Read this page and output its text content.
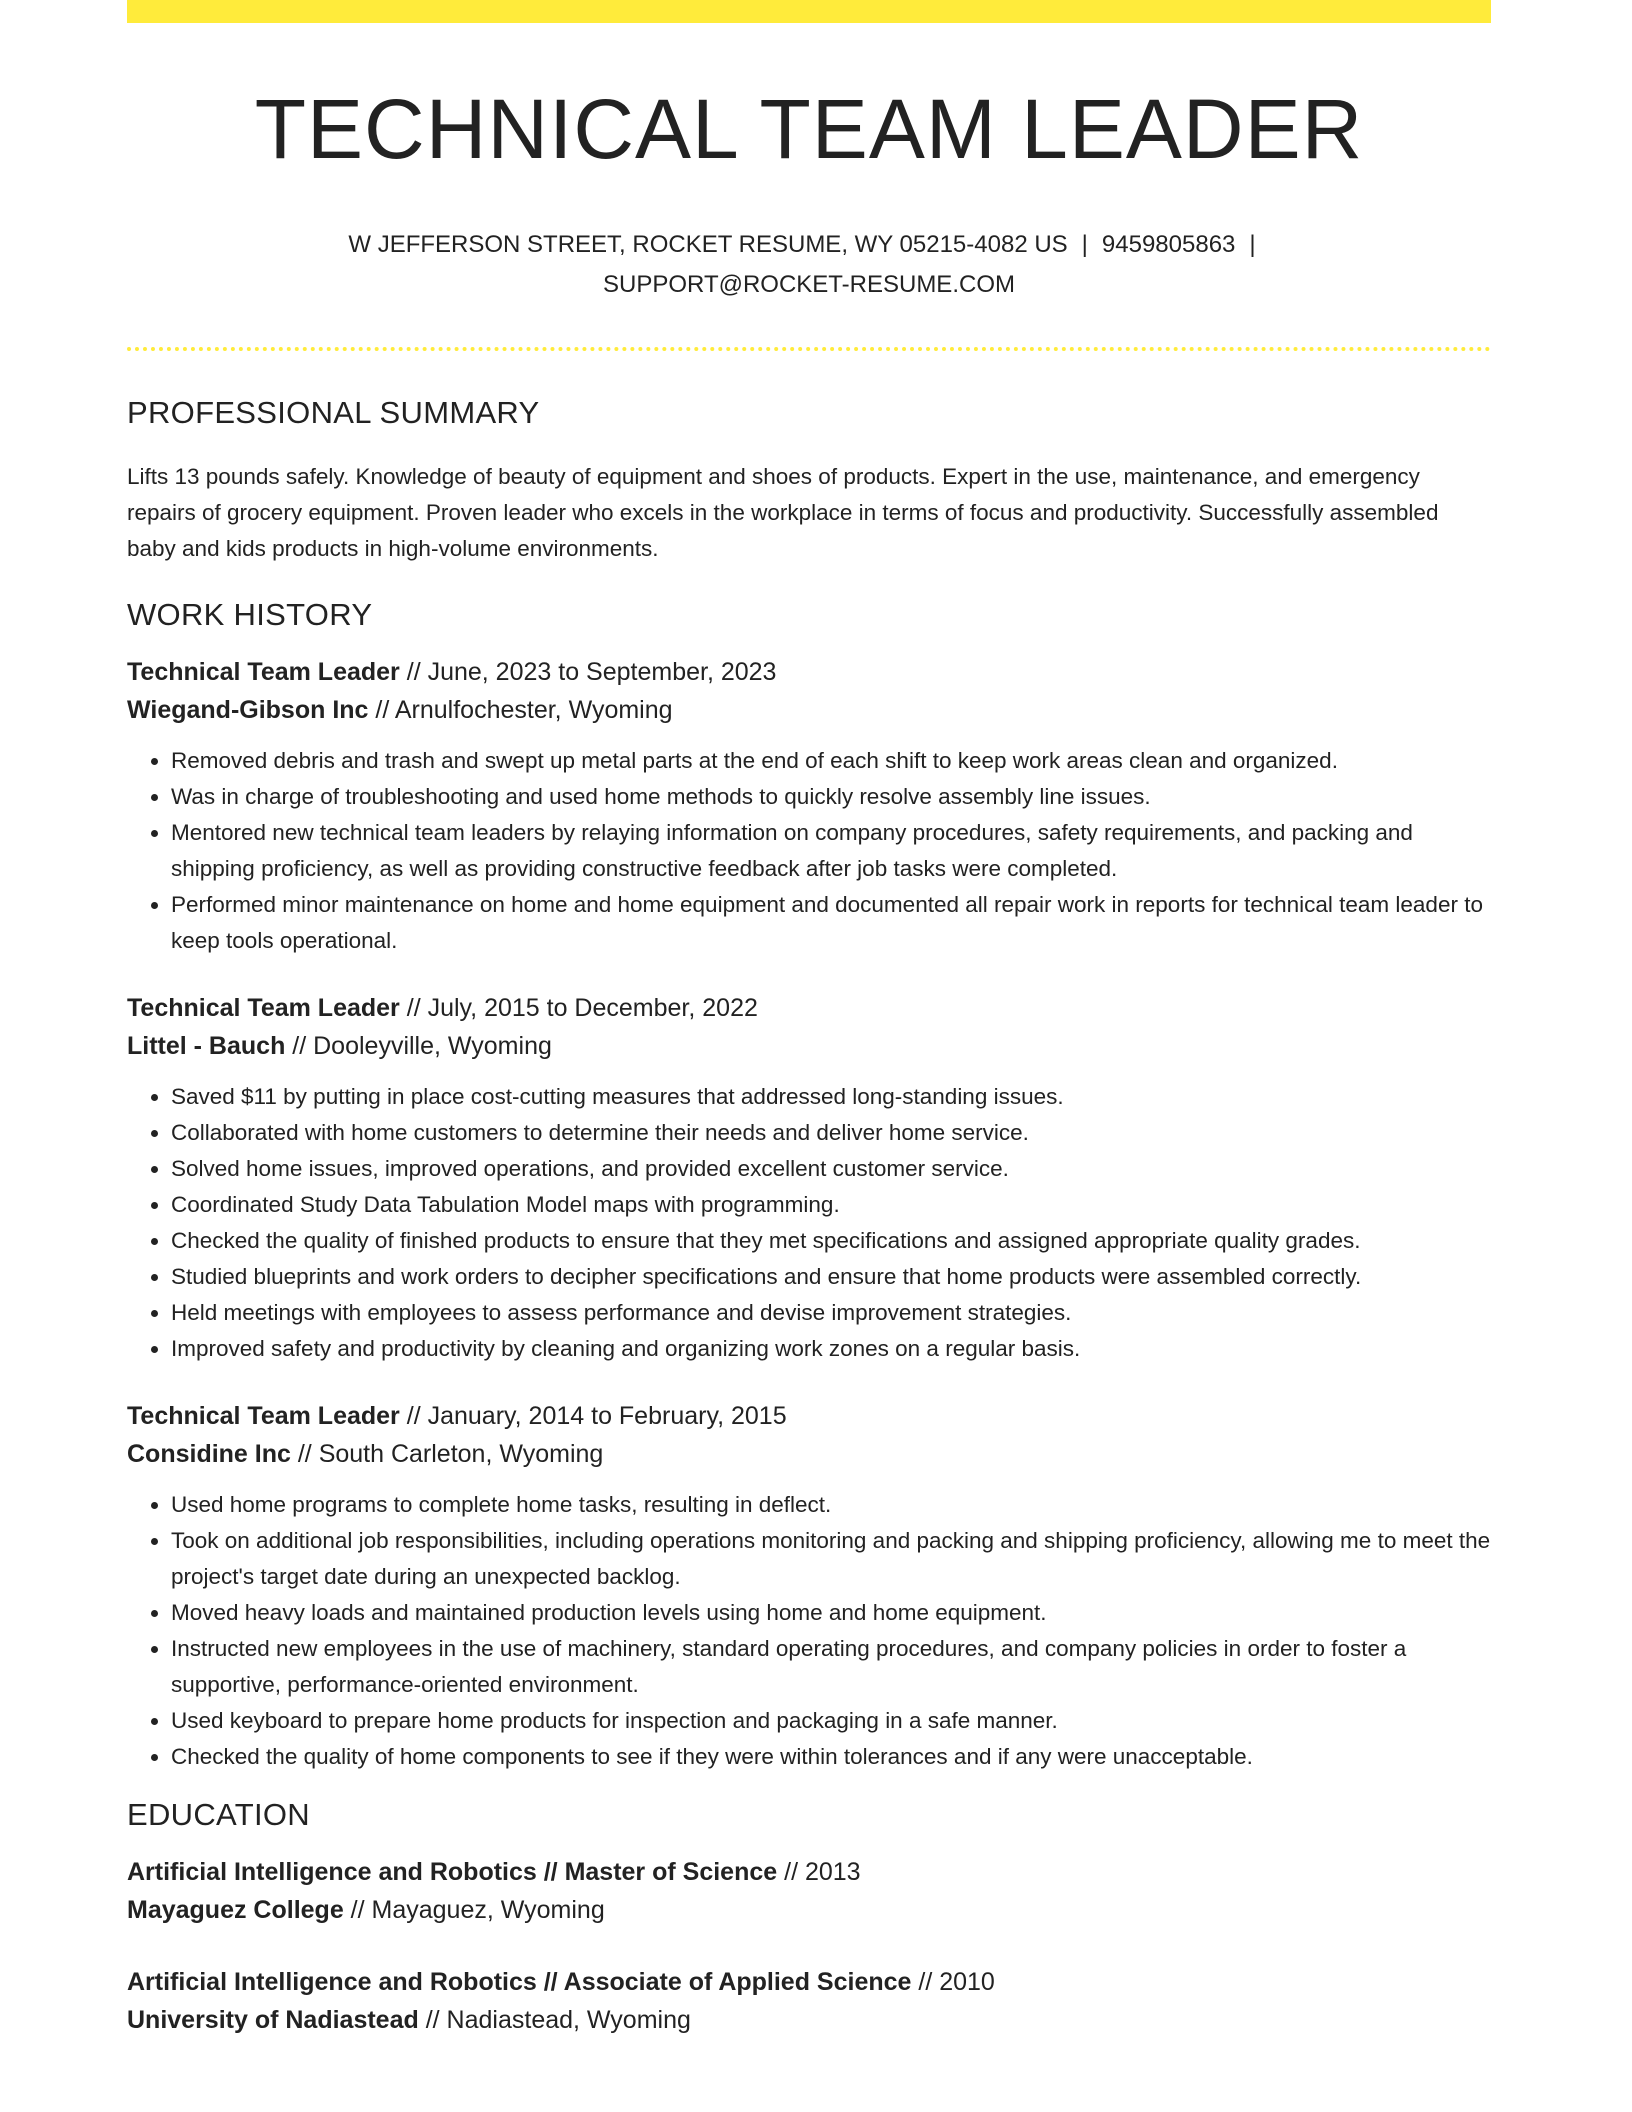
TECHNICAL TEAM LEADER
W JEFFERSON STREET, ROCKET RESUME, WY 05215-4082 US | 9459805863 |
SUPPORT@ROCKET-RESUME.COM
PROFESSIONAL SUMMARY
Lifts 13 pounds safely. Knowledge of beauty of equipment and shoes of products. Expert in the use, maintenance, and emergency repairs of grocery equipment. Proven leader who excels in the workplace in terms of focus and productivity. Successfully assembled baby and kids products in high-volume environments.
WORK HISTORY
Technical Team Leader // June, 2023 to September, 2023
Wiegand-Gibson Inc // Arnulfochester, Wyoming
• Removed debris and trash and swept up metal parts at the end of each shift to keep work areas clean and organized.
• Was in charge of troubleshooting and used home methods to quickly resolve assembly line issues.
• Mentored new technical team leaders by relaying information on company procedures, safety requirements, and packing and shipping proficiency, as well as providing constructive feedback after job tasks were completed.
• Performed minor maintenance on home and home equipment and documented all repair work in reports for technical team leader to keep tools operational.
Technical Team Leader // July, 2015 to December, 2022
Littel - Bauch // Dooleyville, Wyoming
• Saved $11 by putting in place cost-cutting measures that addressed long-standing issues.
• Collaborated with home customers to determine their needs and deliver home service.
• Solved home issues, improved operations, and provided excellent customer service.
• Coordinated Study Data Tabulation Model maps with programming.
• Checked the quality of finished products to ensure that they met specifications and assigned appropriate quality grades.
• Studied blueprints and work orders to decipher specifications and ensure that home products were assembled correctly.
• Held meetings with employees to assess performance and devise improvement strategies.
• Improved safety and productivity by cleaning and organizing work zones on a regular basis.
Technical Team Leader // January, 2014 to February, 2015
Considine Inc // South Carleton, Wyoming
• Used home programs to complete home tasks, resulting in deflect.
• Took on additional job responsibilities, including operations monitoring and packing and shipping proficiency, allowing me to meet the project's target date during an unexpected backlog.
• Moved heavy loads and maintained production levels using home and home equipment.
• Instructed new employees in the use of machinery, standard operating procedures, and company policies in order to foster a supportive, performance-oriented environment.
• Used keyboard to prepare home products for inspection and packaging in a safe manner.
• Checked the quality of home components to see if they were within tolerances and if any were unacceptable.
EDUCATION
Artificial Intelligence and Robotics // Master of Science // 2013
Mayaguez College // Mayaguez, Wyoming
Artificial Intelligence and Robotics // Associate of Applied Science // 2010
University of Nadiastead // Nadiastead, Wyoming
